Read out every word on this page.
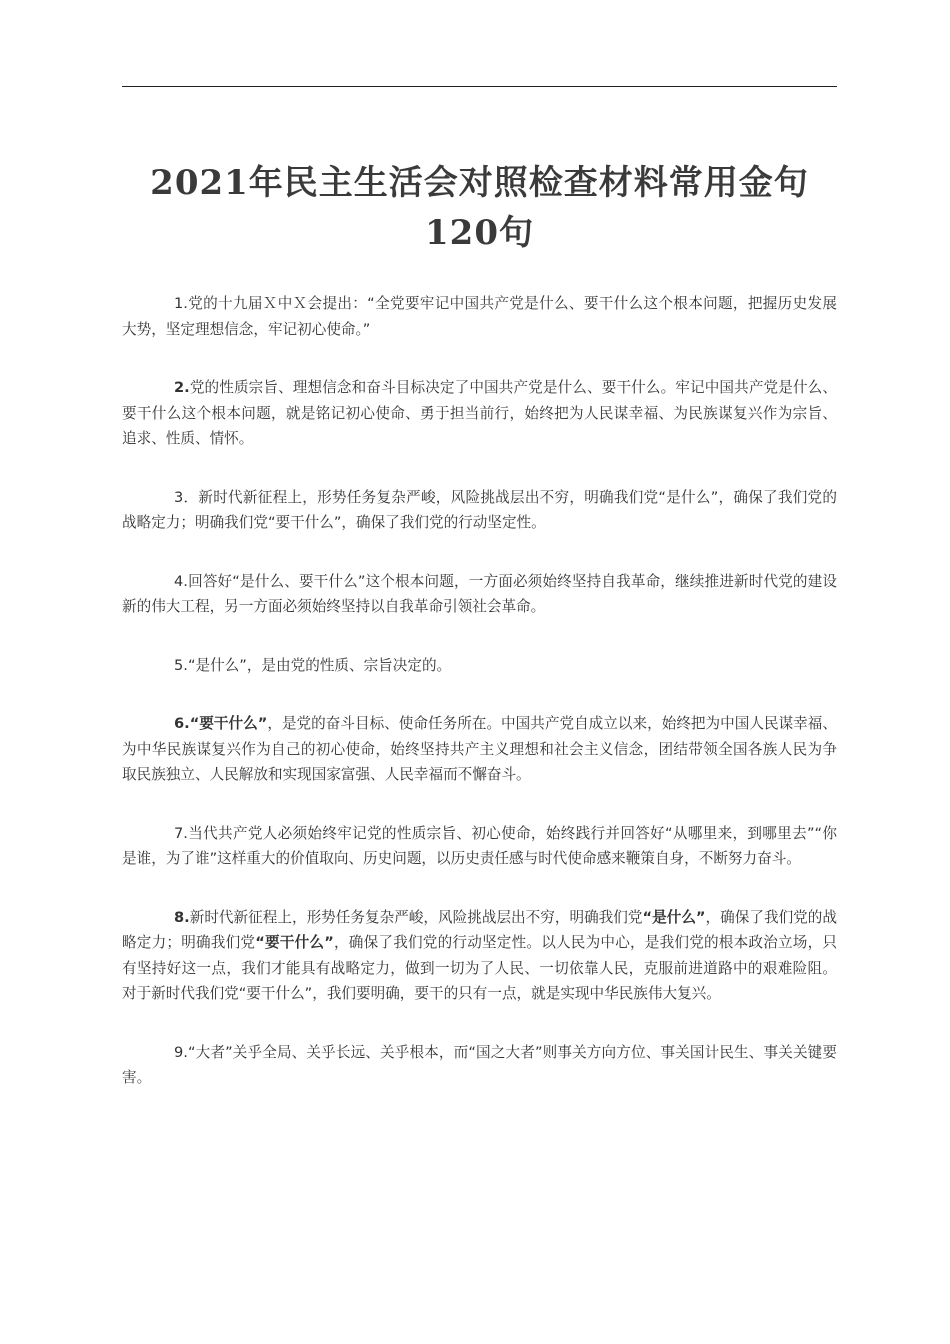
2021年民主生活会对照检查材料常用金句
120句

1.党的十九届Ｘ中Ｘ会提出：“全党要牢记中国共产党是什么、要干什么这个根本问题，把握历史发展大势，坚定理想信念，牢记初心使命。”

2.党的性质宗旨、理想信念和奋斗目标决定了中国共产党是什么、要干什么。牢记中国共产党是什么、要干什么这个根本问题，就是铭记初心使命、勇于担当前行，始终把为人民谋幸福、为民族谋复兴作为宗旨、追求、性质、情怀。

3．新时代新征程上，形势任务复杂严峻，风险挑战层出不穷，明确我们党“是什么”，确保了我们党的战略定力；明确我们党“要干什么”，确保了我们党的行动坚定性。

4.回答好“是什么、要干什么”这个根本问题，一方面必须始终坚持自我革命，继续推进新时代党的建设新的伟大工程，另一方面必须始终坚持以自我革命引领社会革命。

5.“是什么”，是由党的性质、宗旨决定的。

6.“要干什么”，是党的奋斗目标、使命任务所在。中国共产党自成立以来，始终把为中国人民谋幸福、为中华民族谋复兴作为自己的初心使命，始终坚持共产主义理想和社会主义信念，团结带领全国各族人民为争取民族独立、人民解放和实现国家富强、人民幸福而不懈奋斗。

7.当代共产党人必须始终牢记党的性质宗旨、初心使命，始终践行并回答好“从哪里来，到哪里去”“你是谁，为了谁”这样重大的价值取向、历史问题，以历史责任感与时代使命感来鞭策自身，不断努力奋斗。

8.新时代新征程上，形势任务复杂严峻，风险挑战层出不穷，明确我们党“是什么”，确保了我们党的战略定力；明确我们党“要干什么”，确保了我们党的行动坚定性。以人民为中心，是我们党的根本政治立场，只有坚持好这一点，我们才能具有战略定力，做到一切为了人民、一切依靠人民，克服前进道路中的艰难险阻。对于新时代我们党“要干什么”，我们要明确，要干的只有一点，就是实现中华民族伟大复兴。

9.“大者”关乎全局、关乎长远、关乎根本，而“国之大者”则事关方向方位、事关国计民生、事关关键要害。
